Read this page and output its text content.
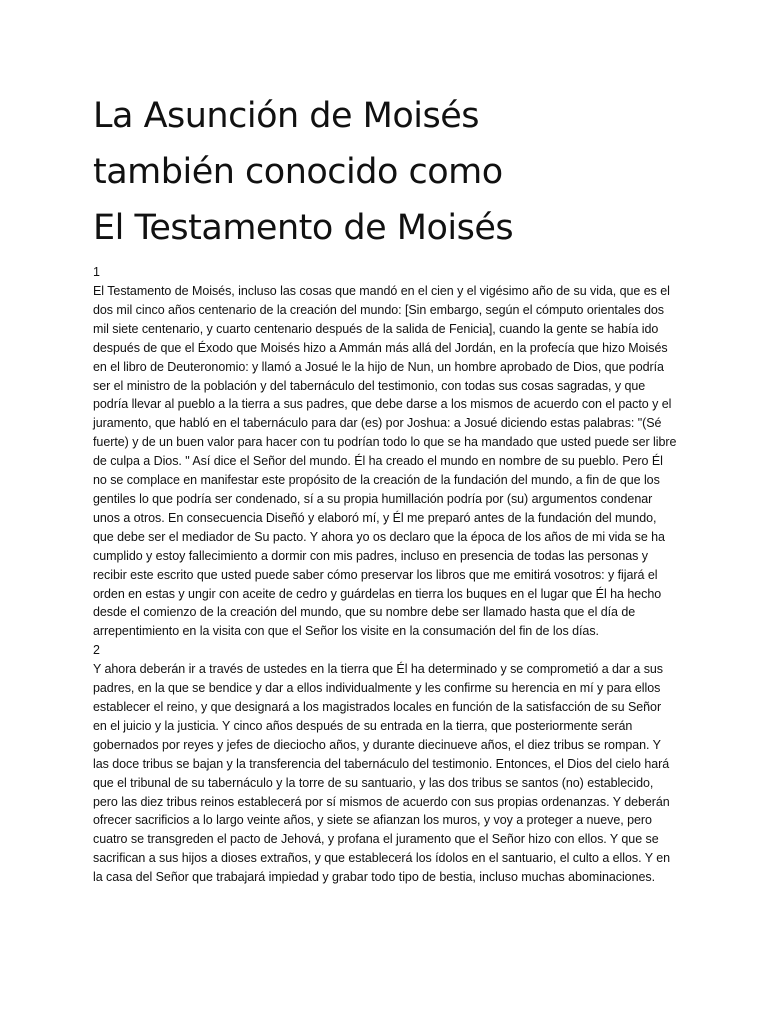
La Asunción de Moisés
también conocido como
El Testamento de Moisés
1

El Testamento de Moisés, incluso las cosas que mandó en el cien y el vigésimo año de su vida, que es el dos mil cinco años centenario de la creación del mundo: [Sin embargo, según el cómputo orientales dos mil siete centenario, y cuarto centenario después de la salida de Fenicia], cuando la gente se había ido después de que el Éxodo que Moisés hizo a Ammán más allá del Jordán, en la profecía que hizo Moisés en el libro de Deuteronomio: y llamó a Josué le la hijo de Nun, un hombre aprobado de Dios, que podría ser el ministro de la población y del tabernáculo del testimonio, con todas sus cosas sagradas, y que podría llevar al pueblo a la tierra a sus padres, que debe darse a los mismos de acuerdo con el pacto y el juramento, que habló en el tabernáculo para dar (es) por Joshua: a Josué diciendo estas palabras: "(Sé fuerte) y de un buen valor para hacer con tu podrían todo lo que se ha mandado que usted puede ser libre de culpa a Dios. " Así dice el Señor del mundo. Él ha creado el mundo en nombre de su pueblo. Pero Él no se complace en manifestar este propósito de la creación de la fundación del mundo, a fin de que los gentiles lo que podría ser condenado, sí a su propia humillación podría por (su) argumentos condenar unos a otros. En consecuencia Diseñó y elaboró mí, y Él me preparó antes de la fundación del mundo, que debe ser el mediador de Su pacto. Y ahora yo os declaro que la época de los años de mi vida se ha cumplido y estoy fallecimiento a dormir con mis padres, incluso en presencia de todas las personas y recibir este escrito que usted puede saber cómo preservar los libros que me emitirá vosotros: y fijará el orden en estas y ungir con aceite de cedro y guárdelas en tierra los buques en el lugar que Él ha hecho desde el comienzo de la creación del mundo, que su nombre debe ser llamado hasta que el día de arrepentimiento en la visita con que el Señor los visite en la consumación del fin de los días.

2

Y ahora deberán ir a través de ustedes en la tierra que Él ha determinado y se comprometió a dar a sus padres, en la que se bendice y dar a ellos individualmente y les confirme su herencia en mí y para ellos establecer el reino, y que designará a los magistrados locales en función de la satisfacción de su Señor en el juicio y la justicia. Y cinco años después de su entrada en la tierra, que posteriormente serán gobernados por reyes y jefes de dieciocho años, y durante diecinueve años, el diez tribus se rompan. Y las doce tribus se bajan y la transferencia del tabernáculo del testimonio. Entonces, el Dios del cielo hará que el tribunal de su tabernáculo y la torre de su santuario, y las dos tribus se santos (no) establecido, pero las diez tribus reinos establecerá por sí mismos de acuerdo con sus propias ordenanzas. Y deberán ofrecer sacrificios a lo largo veinte años, y siete se afianzan los muros, y voy a proteger a nueve, pero cuatro se transgreden el pacto de Jehová, y profana el juramento que el Señor hizo con ellos. Y que se sacrifican a sus hijos a dioses extraños, y que establecerá los ídolos en el santuario, el culto a ellos. Y en la casa del Señor que trabajará impiedad y grabar todo tipo de bestia, incluso muchas abominaciones.
